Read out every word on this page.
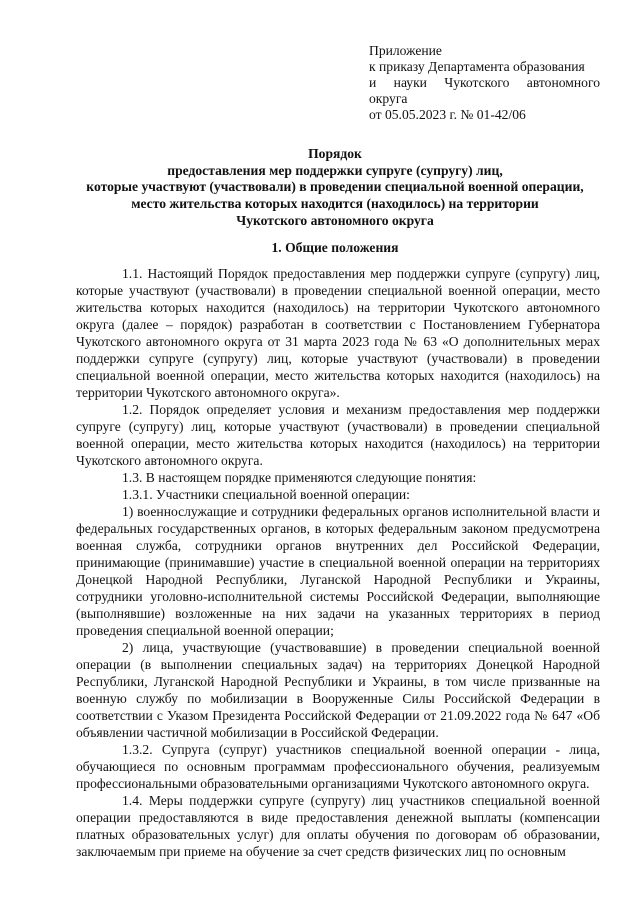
Приложение
к приказу Департамента образования
и науки Чукотского автономного
округа
от 05.05.2023 г. № 01-42/06
Порядок
предоставления мер поддержки супруге (супругу) лиц,
которые участвуют (участвовали) в проведении специальной военной операции,
место жительства которых находится (находилось) на территории
Чукотского автономного округа
1. Общие положения

1.1. Настоящий Порядок предоставления мер поддержки супруге (супругу) лиц, которые участвуют (участвовали) в проведении специальной военной операции, место жительства которых находится (находилось) на территории Чукотского автономного округа (далее – порядок) разработан в соответствии с Постановлением Губернатора Чукотского автономного округа от 31 марта 2023 года № 63 «О дополнительных мерах поддержки супруге (супругу) лиц, которые участвуют (участвовали) в проведении специальной военной операции, место жительства которых находится (находилось) на территории Чукотского автономного округа».

1.2. Порядок определяет условия и механизм предоставления мер поддержки супруге (супругу) лиц, которые участвуют (участвовали) в проведении специальной военной операции, место жительства которых находится (находилось) на территории Чукотского автономного округа.

1.3. В настоящем порядке применяются следующие понятия:

1.3.1. Участники специальной военной операции:

1) военнослужащие и сотрудники федеральных органов исполнительной власти и федеральных государственных органов, в которых федеральным законом предусмотрена военная служба, сотрудники органов внутренних дел Российской Федерации, принимающие (принимавшие) участие в специальной военной операции на территориях Донецкой Народной Республики, Луганской Народной Республики и Украины, сотрудники уголовно-исполнительной системы Российской Федерации, выполняющие (выполнявшие) возложенные на них задачи на указанных территориях в период проведения специальной военной операции;

2) лица, участвующие (участвовавшие) в проведении специальной военной операции (в выполнении специальных задач) на территориях Донецкой Народной Республики, Луганской Народной Республики и Украины, в том числе призванные на военную службу по мобилизации в Вооруженные Силы Российской Федерации в соответствии с Указом Президента Российской Федерации от 21.09.2022 года № 647 «Об объявлении частичной мобилизации в Российской Федерации.

1.3.2. Супруга (супруг) участников специальной военной операции - лица, обучающиеся по основным программам профессионального обучения, реализуемым профессиональными образовательными организациями Чукотского автономного округа.

1.4. Меры поддержки супруге (супругу) лиц участников специальной военной операции предоставляются в виде предоставления денежной выплаты (компенсации платных образовательных услуг) для оплаты обучения по договорам об образовании, заключаемым при приеме на обучение за счет средств физических лиц по основным
